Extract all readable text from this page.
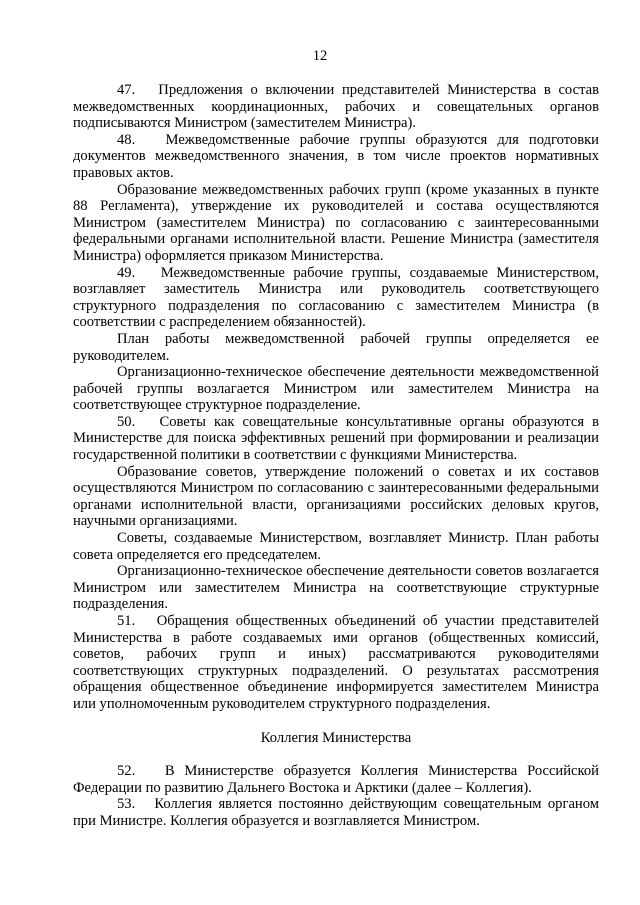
12

47.   Предложения о включении представителей Министерства в состав межведомственных координационных, рабочих и совещательных органов подписываются Министром (заместителем Министра).

48.   Межведомственные рабочие группы образуются для подготовки документов межведомственного значения, в том числе проектов нормативных правовых актов.

Образование межведомственных рабочих групп (кроме указанных в пункте 88 Регламента), утверждение их руководителей и состава осуществляются Министром (заместителем Министра) по согласованию с заинтересованными федеральными органами исполнительной власти. Решение Министра (заместителя Министра) оформляется приказом Министерства.

49.   Межведомственные рабочие группы, создаваемые Министерством, возглавляет заместитель Министра или руководитель соответствующего структурного подразделения по согласованию с заместителем Министра (в соответствии с распределением обязанностей).

План работы межведомственной рабочей группы определяется ее руководителем.

Организационно-техническое обеспечение деятельности межведомственной рабочей группы возлагается Министром или заместителем Министра на соответствующее структурное подразделение.

50.   Советы как совещательные консультативные органы образуются в Министерстве для поиска эффективных решений при формировании и реализации государственной политики в соответствии с функциями Министерства.

Образование советов, утверждение положений о советах и их составов осуществляются Министром по согласованию с заинтересованными федеральными органами исполнительной власти, организациями российских деловых кругов, научными организациями.

Советы, создаваемые Министерством, возглавляет Министр. План работы совета определяется его председателем.

Организационно-техническое обеспечение деятельности советов возлагается Министром или заместителем Министра на соответствующие структурные подразделения.

51.   Обращения общественных объединений об участии представителей Министерства в работе создаваемых ими органов (общественных комиссий, советов, рабочих групп и иных) рассматриваются руководителями соответствующих структурных подразделений. О результатах рассмотрения обращения общественное объединение информируется заместителем Министра или уполномоченным руководителем структурного подразделения.

Коллегия Министерства

52.   В Министерстве образуется Коллегия Министерства Российской Федерации по развитию Дальнего Востока и Арктики (далее – Коллегия).

53.   Коллегия является постоянно действующим совещательным органом при Министре. Коллегия образуется и возглавляется Министром.
